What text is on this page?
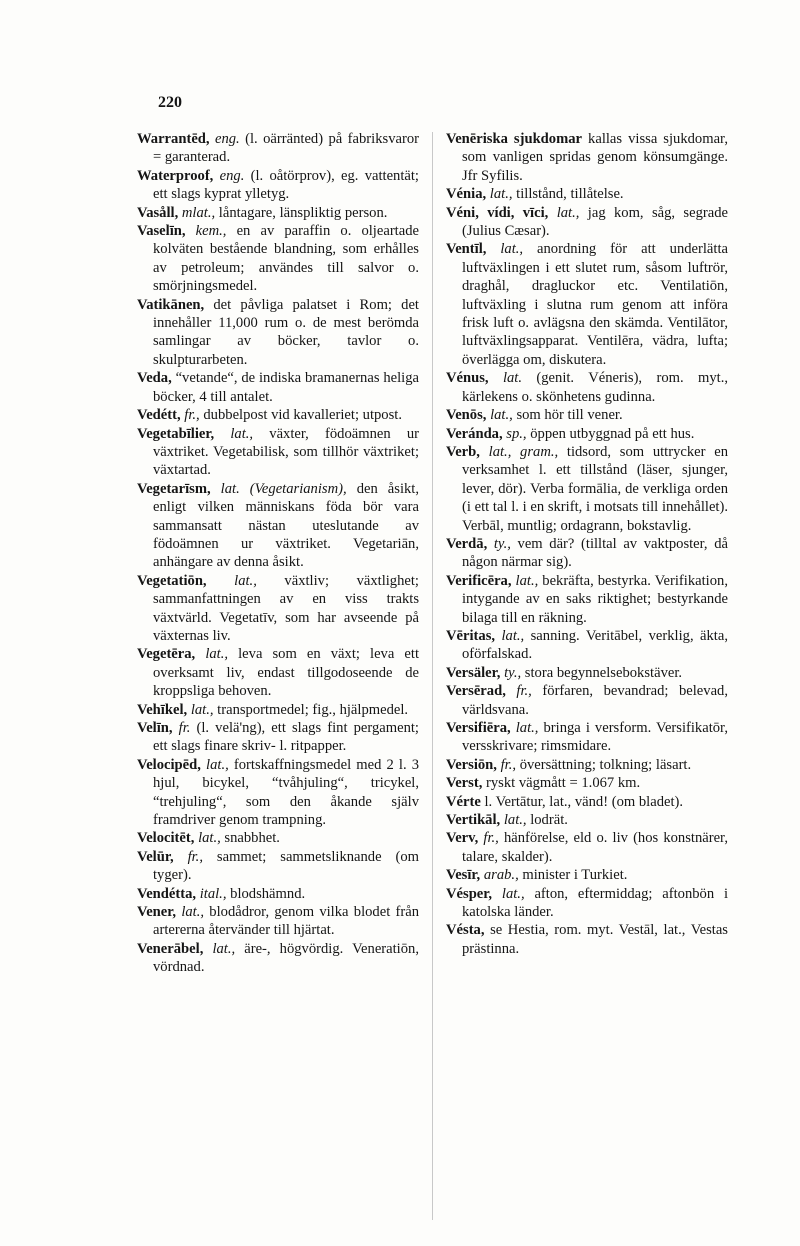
220

Warrantēd, eng. (l. oärränted) på fabriksvaror = garanterad.

Waterproof, eng. (l. oåtörprov), eg. vattentät; ett slags kyprat ylletyg.

Vasåll, mlat., låntagare, länspliktig person.

Vaselīn, kem., en av paraffin o. oljeartade kolväten bestående blandning, som erhålles av petroleum; användes till salvor o. smörjningsmedel.

Vatikānen, det påvliga palatset i Rom; det innehåller 11,000 rum o. de mest berömda samlingar av böcker, tavlor o. skulpturarbeten.

Veda, “vetande“, de indiska bramanernas heliga böcker, 4 till antalet.

Vedétt, fr., dubbelpost vid kavalleriet; utpost.

Vegetabīlier, lat., växter, födoämnen ur växtriket. Vegetabilisk, som tillhör växtriket; växtartad.

Vegetarīsm, lat. (Vegetarianism), den åsikt, enligt vilken människans föda bör vara sammansatt nästan uteslutande av födoämnen ur växtriket. Vegetariān, anhängare av denna åsikt.

Vegetatiōn, lat., växtliv; växtlighet; sammanfattningen av en viss trakts växtvärld. Vegetatīv, som har avseende på växternas liv.

Vegetēra, lat., leva som en växt; leva ett overksamt liv, endast tillgodoseende de kroppsliga behoven.

Vehīkel, lat., transportmedel; fig., hjälpmedel.

Velīn, fr. (l. velä'ng), ett slags fint pergament; ett slags finare skriv- l. ritpapper.

Velocipēd, lat., fortskaffningsmedel med 2 l. 3 hjul, bicykel, “tvåhjuling“, tricykel, “trehjuling“, som den åkande själv framdriver genom trampning.

Velocitēt, lat., snabbhet.

Velūr, fr., sammet; sammetsliknande (om tyger).

Vendétta, ital., blodshämnd.

Vener, lat., blodådror, genom vilka blodet från artererna återvänder till hjärtat.

Venerābel, lat., äre-, högvördig. Veneratiōn, vördnad.

Venēriska sjukdomar kallas vissa sjukdomar, som vanligen spridas genom könsumgänge. Jfr Syfilis.

Vénia, lat., tillstånd, tillåtelse.

Véni, vídi, vīci, lat., jag kom, såg, segrade (Julius Cæsar).

Ventīl, lat., anordning för att underlätta luftväxlingen i ett slutet rum, såsom luftrör, draghål, dragluckor etc. Ventilatiōn, luftväxling i slutna rum genom att införa frisk luft o. avlägsna den skämda. Ventilātor, luftväxlingsapparat. Ventilēra, vädra, lufta; överlägga om, diskutera.

Vénus, lat. (genit. Véneris), rom. myt., kärlekens o. skönhetens gudinna.

Venōs, lat., som hör till vener.

Veránda, sp., öppen utbyggnad på ett hus.

Verb, lat., gram., tidsord, som uttrycker en verksamhet l. ett tillstånd (läser, sjunger, lever, dör). Verba formālia, de verkliga orden (i ett tal l. i en skrift, i motsats till innehållet). Verbāl, muntlig; ordagrann, bokstavlig.

Verdā, ty., vem där? (tilltal av vaktposter, då någon närmar sig).

Verificēra, lat., bekräfta, bestyrka. Verifikation, intygande av en saks riktighet; bestyrkande bilaga till en räkning.

Vēritas, lat., sanning. Veritābel, verklig, äkta, oförfalskad.

Versäler, ty., stora begynnelsebokstäver.

Versērad, fr., förfaren, bevandrad; belevad, världsvana.

Versifiēra, lat., bringa i versform. Versifikatōr, versskrivare; rimsmidare.

Versiōn, fr., översättning; tolkning; läsart.

Verst, ryskt vägmått = 1.067 km.

Vérte l. Vertātur, lat., vänd! (om bladet).

Vertikāl, lat., lodrät.

Verv, fr., hänförelse, eld o. liv (hos konstnärer, talare, skalder).

Vesīr, arab., minister i Turkiet.

Vésper, lat., afton, eftermiddag; aftonbön i katolska länder.

Vésta, se Hestia, rom. myt. Vestāl, lat., Vestas prästinna.
